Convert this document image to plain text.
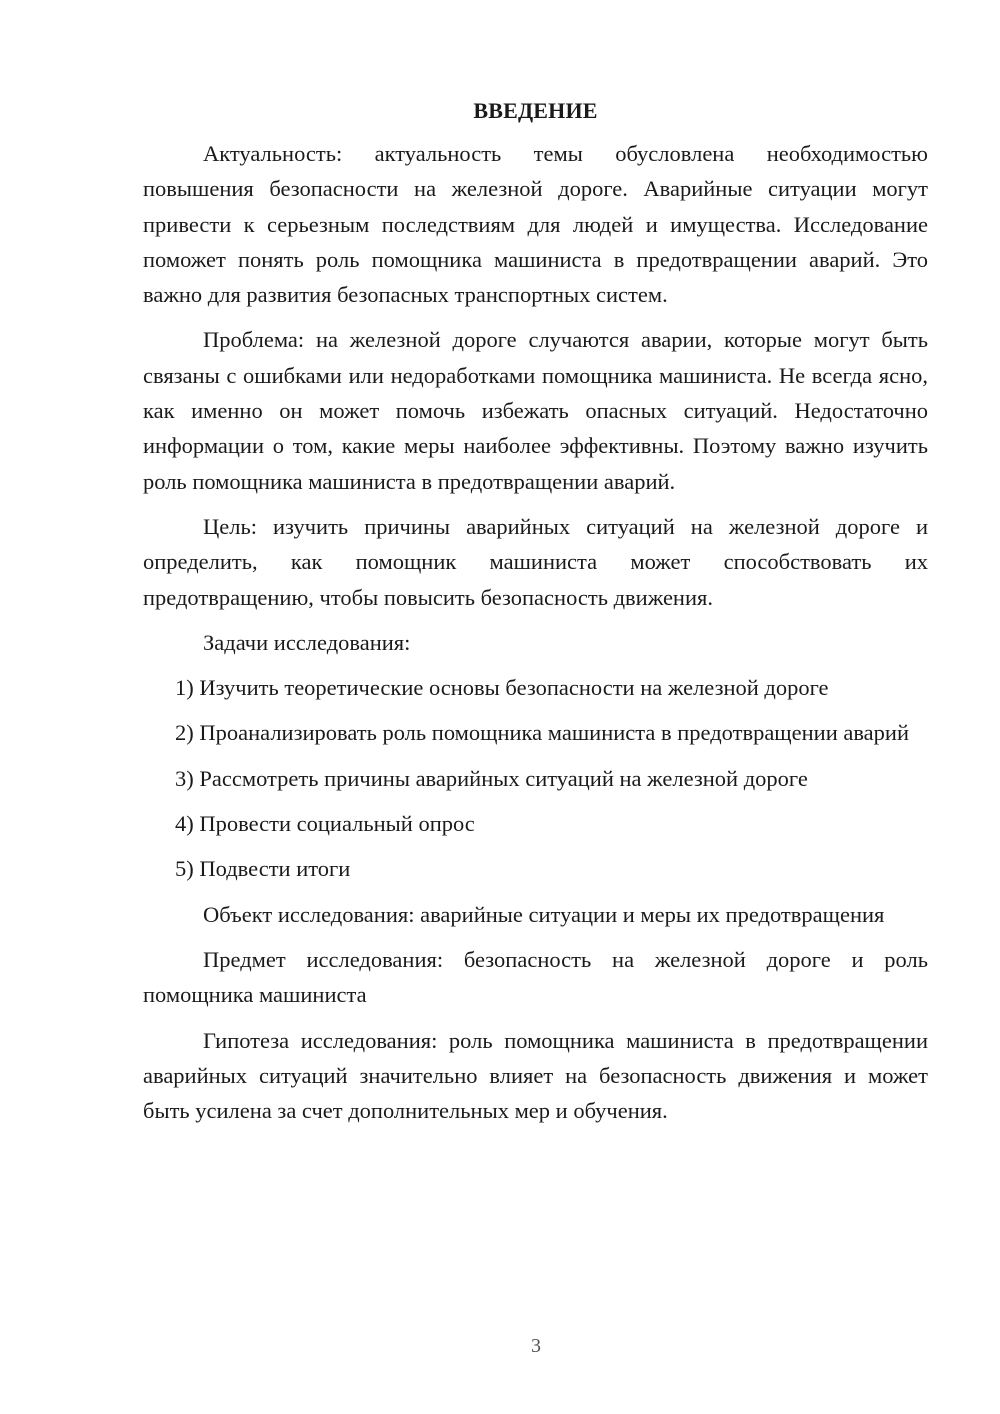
ВВЕДЕНИЕ

Актуальность: актуальность темы обусловлена необходимостью повышения безопасности на железной дороге. Аварийные ситуации могут привести к серьезным последствиям для людей и имущества. Исследование поможет понять роль помощника машиниста в предотвращении аварий. Это важно для развития безопасных транспортных систем.

Проблема: на железной дороге случаются аварии, которые могут быть связаны с ошибками или недоработками помощника машиниста. Не всегда ясно, как именно он может помочь избежать опасных ситуаций. Недостаточно информации о том, какие меры наиболее эффективны. Поэтому важно изучить роль помощника машиниста в предотвращении аварий.

Цель: изучить причины аварийных ситуаций на железной дороге и определить, как помощник машиниста может способствовать их предотвращению, чтобы повысить безопасность движения.

Задачи исследования:

1) Изучить теоретические основы безопасности на железной дороге

2) Проанализировать роль помощника машиниста в предотвращении аварий

3) Рассмотреть причины аварийных ситуаций на железной дороге

4) Провести социальный опрос

5) Подвести итоги

Объект исследования: аварийные ситуации и меры их предотвращения

Предмет исследования: безопасность на железной дороге и роль помощника машиниста

Гипотеза исследования: роль помощника машиниста в предотвращении аварийных ситуаций значительно влияет на безопасность движения и может быть усилена за счет дополнительных мер и обучения.

3
